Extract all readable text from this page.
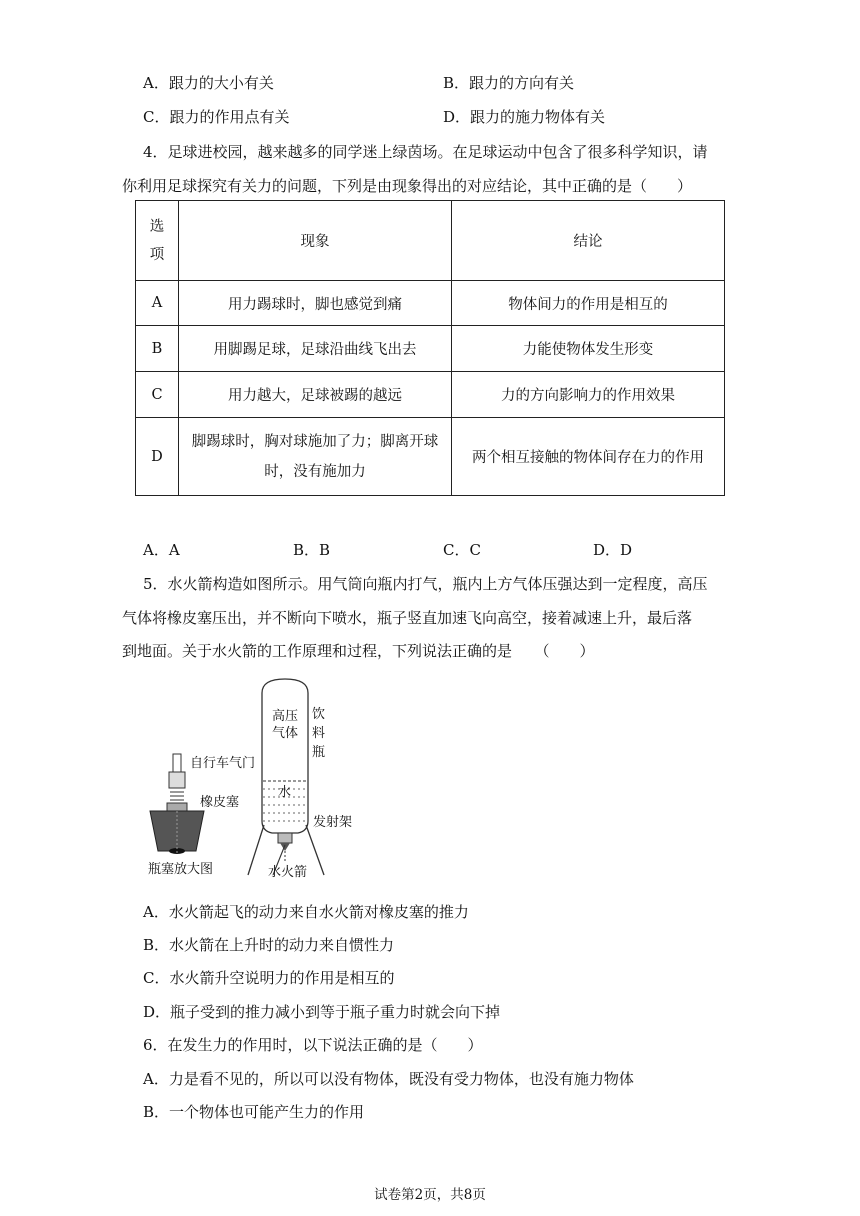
A．跟力的大小有关	B．跟力的方向有关
C．跟力的作用点有关	D．跟力的施力物体有关
4．足球进校园，越来越多的同学迷上绿茵场。在足球运动中包含了很多科学知识，请
你利用足球探究有关力的问题，下列是由现象得出的对应结论，其中正确的是（　　）
选
项	现象	结论
A	用力踢球时，脚也感觉到痛	物体间力的作用是相互的
B	用脚踢足球，足球沿曲线飞出去	力能使物体发生形变
C	用力越大，足球被踢的越远	力的方向影响力的作用效果
D	脚踢球时，胸对球施加了力；脚离开球
时，没有施加力	两个相互接触的物体间存在力的作用
A．A	B．B	C．C	D．D
5．水火箭构造如图所示。用气筒向瓶内打气，瓶内上方气体压强达到一定程度，高压
气体将橡皮塞压出，并不断向下喷水，瓶子竖直加速飞向高空，接着减速上升，最后落
到地面。关于水火箭的工作原理和过程，下列说法正确的是　　（　　）
高压
气体
饮
料
瓶
水
发射架
水火箭
自行车气门
橡皮塞
瓶塞放大图
A．水火箭起飞的动力来自水火箭对橡皮塞的推力
B．水火箭在上升时的动力来自惯性力
C．水火箭升空说明力的作用是相互的
D．瓶子受到的推力减小到等于瓶子重力时就会向下掉
6．在发生力的作用时，以下说法正确的是（　　）
A．力是看不见的，所以可以没有物体，既没有受力物体，也没有施力物体
B．一个物体也可能产生力的作用
试卷第2页，共8页
